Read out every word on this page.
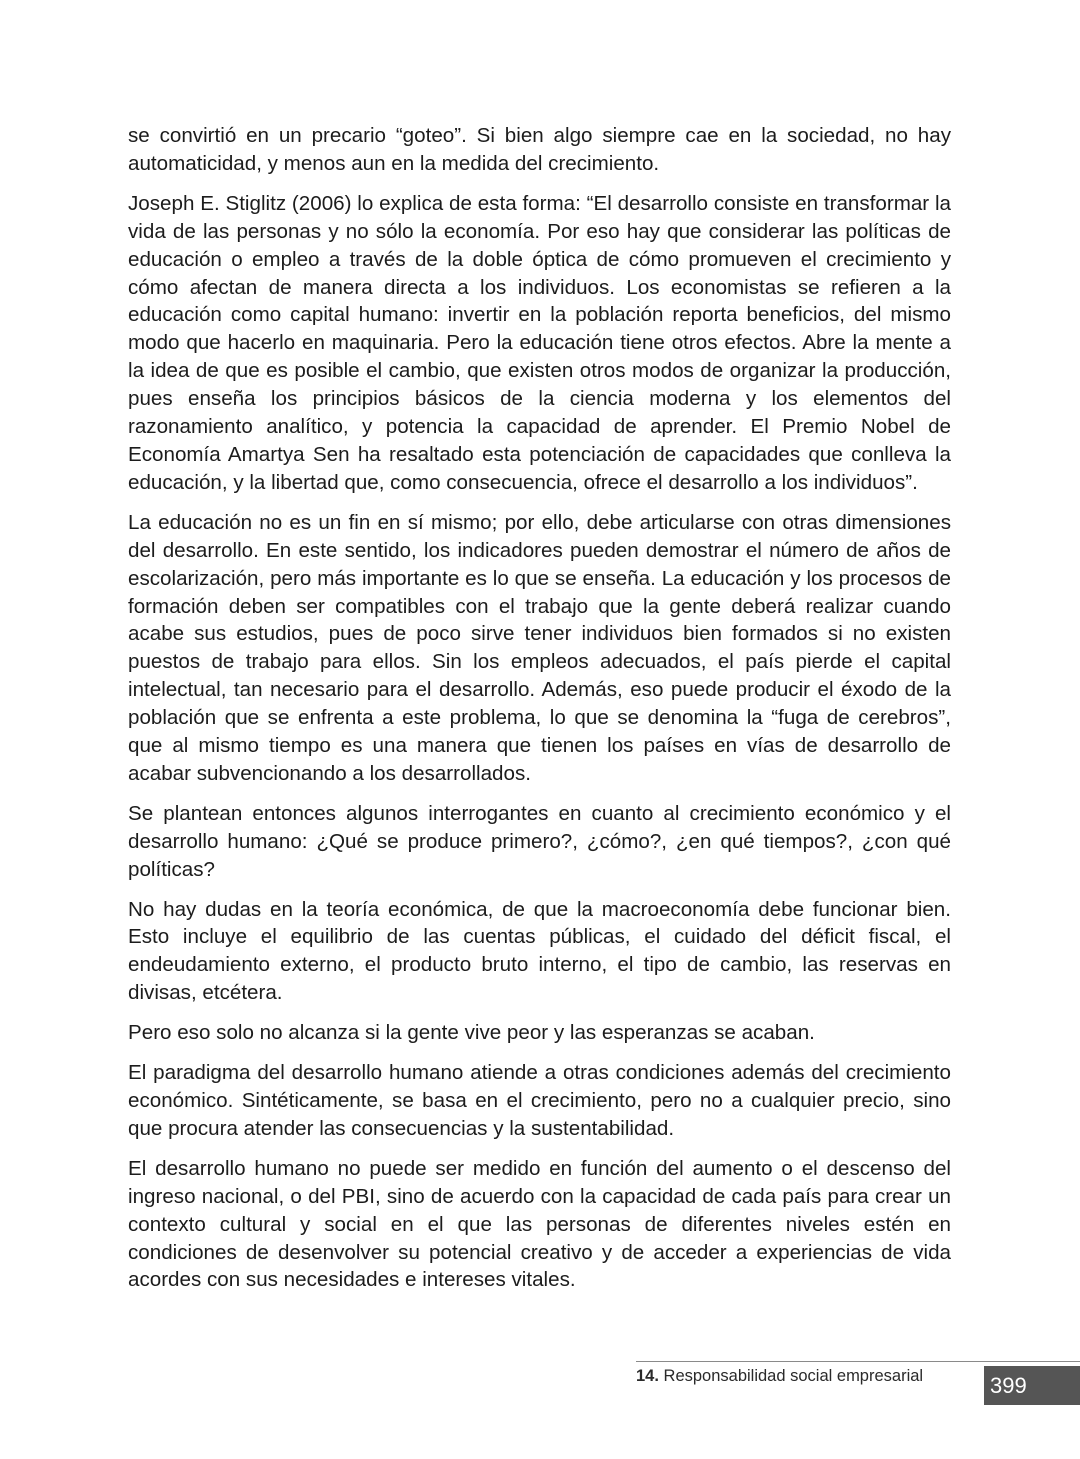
se convirtió en un precario “goteo”. Si bien algo siempre cae en la sociedad, no hay automaticidad, y menos aun en la medida del crecimiento.

Joseph E. Stiglitz (2006) lo explica de esta forma: “El desarrollo consiste en transformar la vida de las personas y no sólo la economía. Por eso hay que considerar las políticas de educación o empleo a través de la doble óptica de cómo promueven el crecimiento y cómo afectan de manera directa a los individuos. Los economistas se refieren a la educación como capital humano: invertir en la población reporta beneficios, del mismo modo que hacerlo en maquinaria. Pero la educación tiene otros efectos. Abre la mente a la idea de que es posible el cambio, que existen otros modos de organizar la producción, pues enseña los principios básicos de la ciencia moderna y los elementos del razonamiento analítico, y potencia la capacidad de aprender. El Premio Nobel de Economía Amartya Sen ha resaltado esta potenciación de capacidades que conlleva la educación, y la libertad que, como consecuencia, ofrece el desarrollo a los individuos”.

La educación no es un fin en sí mismo; por ello, debe articularse con otras dimensiones del desarrollo. En este sentido, los indicadores pueden demostrar el número de años de escolarización, pero más importante es lo que se enseña. La educación y los procesos de formación deben ser compatibles con el trabajo que la gente deberá realizar cuando acabe sus estudios, pues de poco sirve tener individuos bien formados si no existen puestos de trabajo para ellos. Sin los empleos adecuados, el país pierde el capital intelectual, tan necesario para el desarrollo. Además, eso puede producir el éxodo de la población que se enfrenta a este problema, lo que se denomina la “fuga de cerebros”, que al mismo tiempo es una manera que tienen los países en vías de desarrollo de acabar subvencionando a los desarrollados.

Se plantean entonces algunos interrogantes en cuanto al crecimiento económico y el desarrollo humano: ¿Qué se produce primero?, ¿cómo?, ¿en qué tiempos?, ¿con qué políticas?

No hay dudas en la teoría económica, de que la macroeconomía debe funcionar bien. Esto incluye el equilibrio de las cuentas públicas, el cuidado del déficit fiscal, el endeudamiento externo, el producto bruto interno, el tipo de cambio, las reservas en divisas, etcétera.

Pero eso solo no alcanza si la gente vive peor y las esperanzas se acaban.

El paradigma del desarrollo humano atiende a otras condiciones además del crecimiento económico. Sintéticamente, se basa en el crecimiento, pero no a cualquier precio, sino que procura atender las consecuencias y la sustentabilidad.

El desarrollo humano no puede ser medido en función del aumento o el descenso del ingreso nacional, o del PBI, sino de acuerdo con la capacidad de cada país para crear un contexto cultural y social en el que las personas de diferentes niveles estén en condiciones de desenvolver su potencial creativo y de acceder a experiencias de vida acordes con sus necesidades e intereses vitales.

14. Responsabilidad social empresarial	399
